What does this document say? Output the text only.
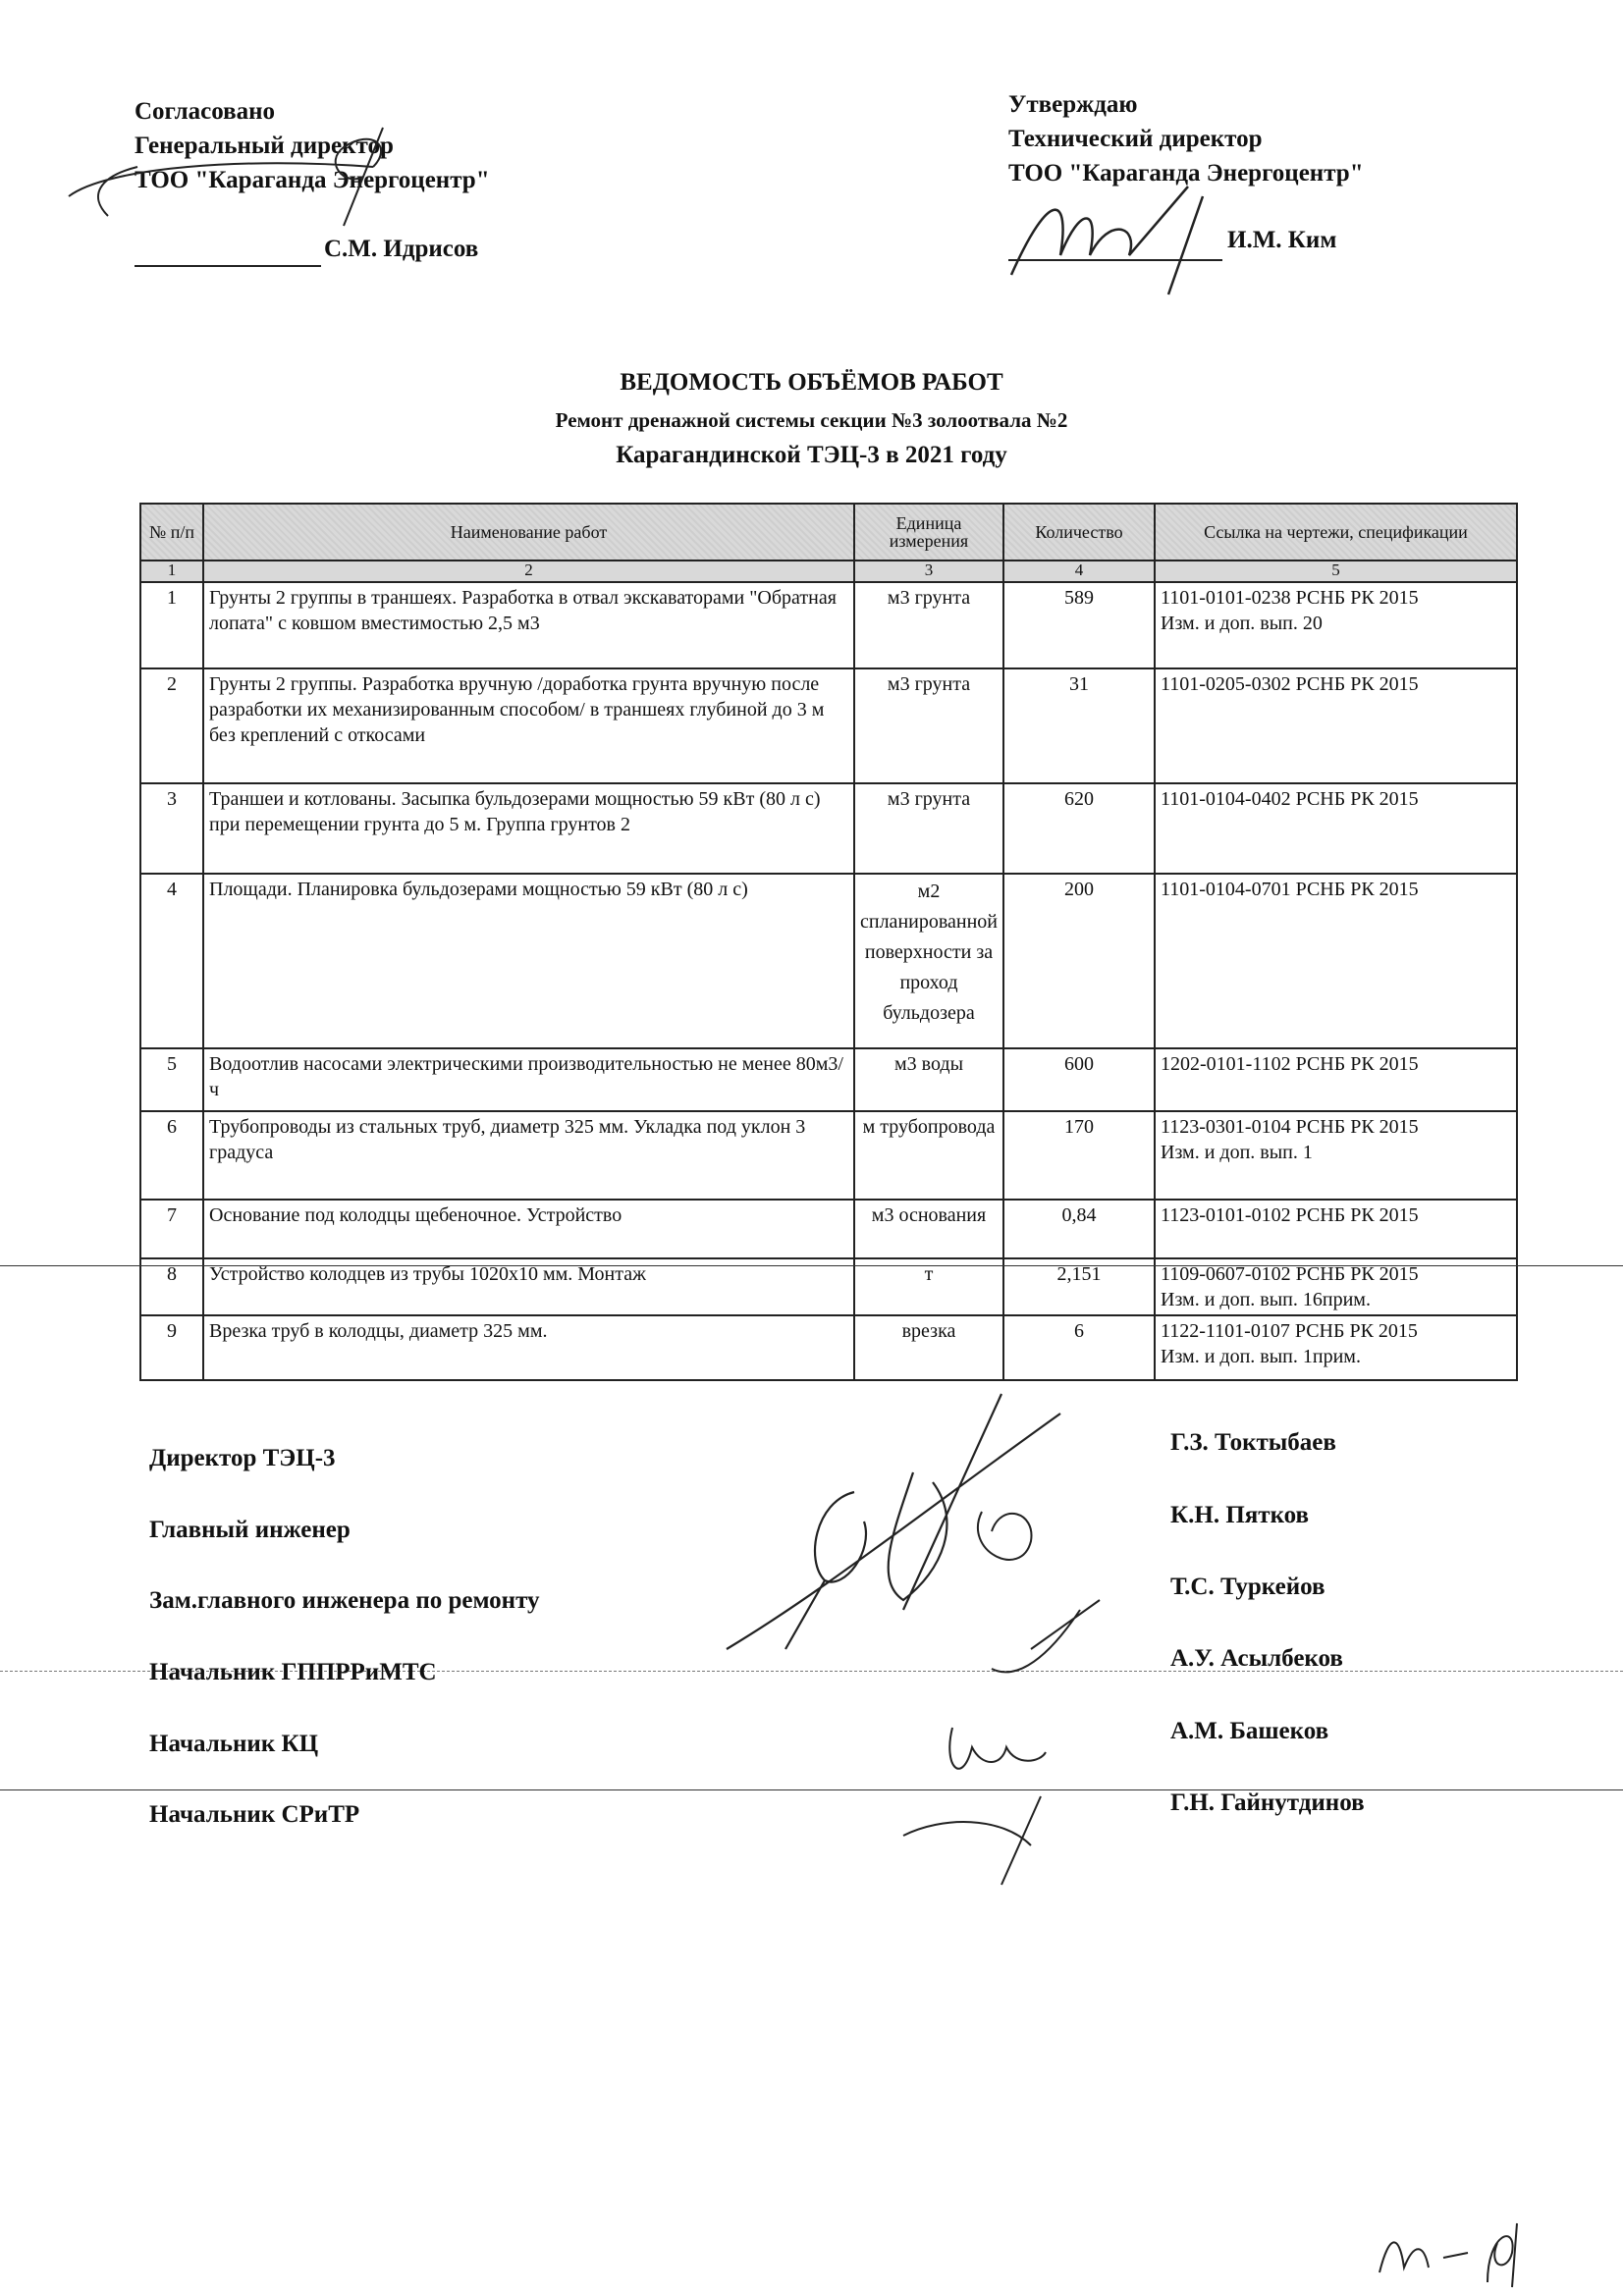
Согласовано
Генеральный директор
ТОО "Караганда Энергоцентр"
С.М. Идрисов
Утверждаю
Технический директор
ТОО "Караганда Энергоцентр"
И.М. Ким
ВЕДОМОСТЬ ОБЪЁМОВ РАБОТ
Ремонт дренажной системы секции №3 золоотвала №2
Карагандинской ТЭЦ-3 в 2021 году
№ п/п	Наименование работ	Единица измерения	Количество	Ссылка на чертежи, спецификации
1	2	3	4	5
1	Грунты 2 группы в траншеях. Разработка в отвал экскаваторами "Обратная лопата" с ковшом вместимостью 2,5 м3	м3 грунта	589	1101-0101-0238 РСНБ РК 2015
Изм. и доп. вып. 20

2	Грунты 2 группы. Разработка вручную /доработка грунта вручную после разработки их механизированным способом/ в траншеях глубиной до 3 м без креплений с откосами	м3 грунта	31	1101-0205-0302 РСНБ РК 2015

3	Траншеи и котлованы. Засыпка бульдозерами мощностью 59 кВт (80 л с) при перемещении грунта до 5 м. Группа грунтов 2	м3 грунта	620	1101-0104-0402 РСНБ РК 2015

4	Площади. Планировка бульдозерами мощностью 59 кВт (80 л с)	м2 спланированной поверхности за проход бульдозера	200	1101-0104-0701 РСНБ РК 2015

5	Водоотлив насосами электрическими производительностью не менее 80м3/ч	м3 воды	600	1202-0101-1102 РСНБ РК 2015

6	Трубопроводы из стальных труб, диаметр 325 мм. Укладка под уклон 3 градуса	м трубопровода	170	1123-0301-0104 РСНБ РК 2015
Изм. и доп. вып. 1

7	Основание под колодцы щебеночное. Устройство	м3 основания	0,84	1123-0101-0102 РСНБ РК 2015

8	Устройство колодцев из трубы 1020х10 мм. Монтаж	т	2,151	1109-0607-0102 РСНБ РК 2015
Изм. и доп. вып. 16прим.

9	Врезка труб в колодцы, диаметр 325 мм.	врезка	6	1122-1101-0107 РСНБ РК 2015
Изм. и доп. вып. 1прим.
Директор ТЭЦ-3
Г.З. Токтыбаев
Главный инженер
К.Н. Пятков
Зам.главного инженера по ремонту
Т.С. Туркейов
Начальник ГППРРиМТС
А.У. Асылбеков
Начальник КЦ	А.М. Башеков
Начальник СРиТР	Г.Н. Гайнутдинов
